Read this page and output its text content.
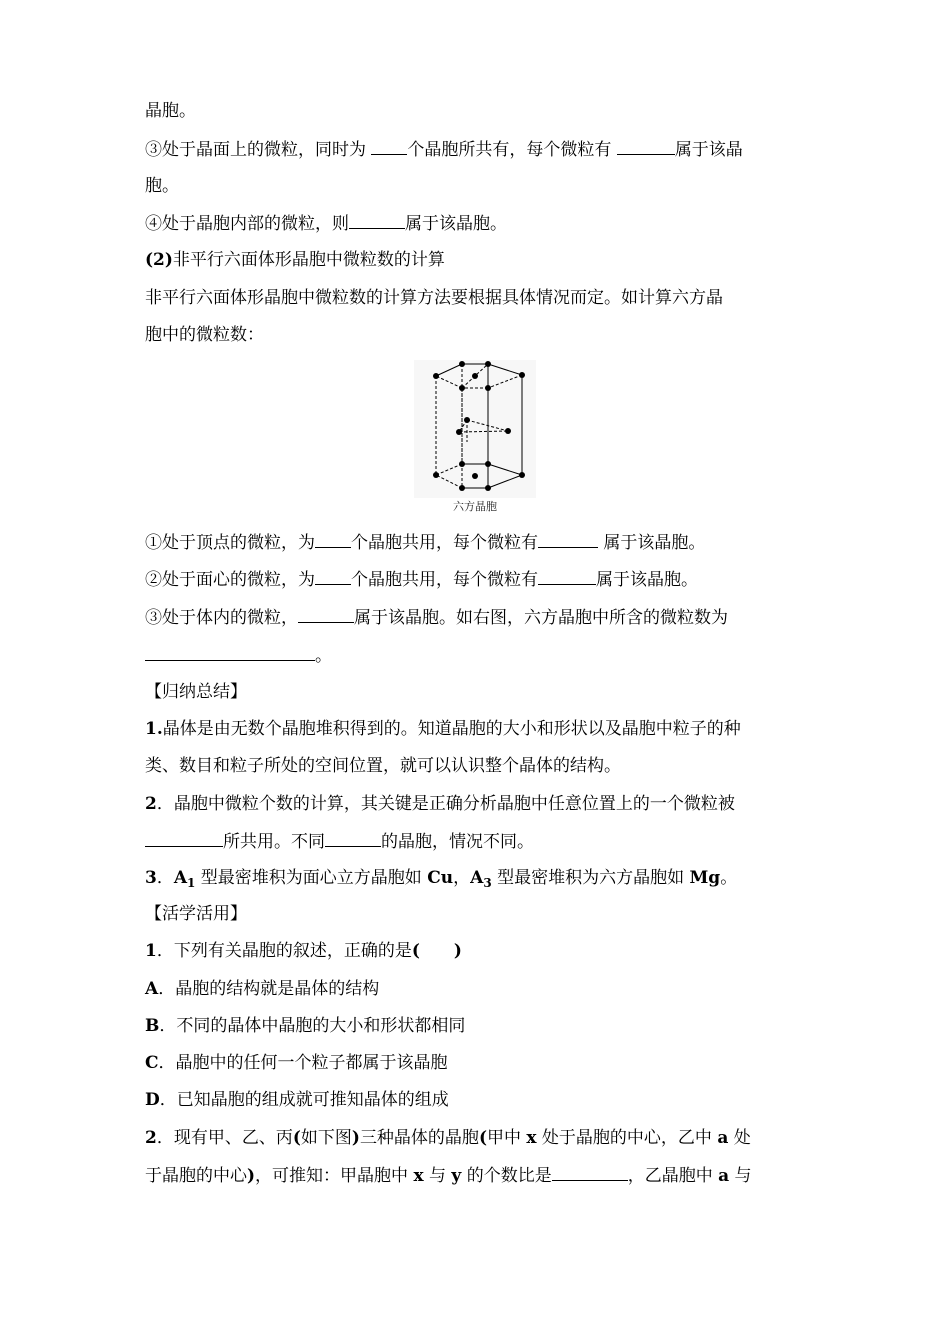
晶胞。
③处于晶面上的微粒，同时为 个晶胞所共有，每个微粒有	属于该晶
胞。
④处于晶胞内部的微粒，则	属于该晶胞。
(2)非平行六面体形晶胞中微粒数的计算
非平行六面体形晶胞中微粒数的计算方法要根据具体情况而定。如计算六方晶
胞中的微粒数：
六方晶胞
①处于顶点的微粒，为 个晶胞共用，每个微粒有	属于该晶胞。
②处于面心的微粒，为 个晶胞共用，每个微粒有	属于该晶胞。
③处于体内的微粒，	属于该晶胞。如右图，六方晶胞中所含的微粒数为
。
【归纳总结】
1.晶体是由无数个晶胞堆积得到的。知道晶胞的大小和形状以及晶胞中粒子的种
类、数目和粒子所处的空间位置，就可以认识整个晶体的结构。
2．晶胞中微粒个数的计算，其关键是正确分析晶胞中任意位置上的一个微粒被
所共用。不同	的晶胞，情况不同。
3．$A_1$ 型最密堆积为面心立方晶胞如 Cu，$A_3$ 型最密堆积为六方晶胞如 Mg。
【活学活用】
1．下列有关晶胞的叙述，正确的是(　　)
A．晶胞的结构就是晶体的结构
B．不同的晶体中晶胞的大小和形状都相同
C．晶胞中的任何一个粒子都属于该晶胞
D．已知晶胞的组成就可推知晶体的组成
2．现有甲、乙、丙(如下图)三种晶体的晶胞(甲中 x 处于晶胞的中心，乙中 a 处
于晶胞的中心)，可推知：甲晶胞中 x 与 y 的个数比是	，乙晶胞中 a 与
